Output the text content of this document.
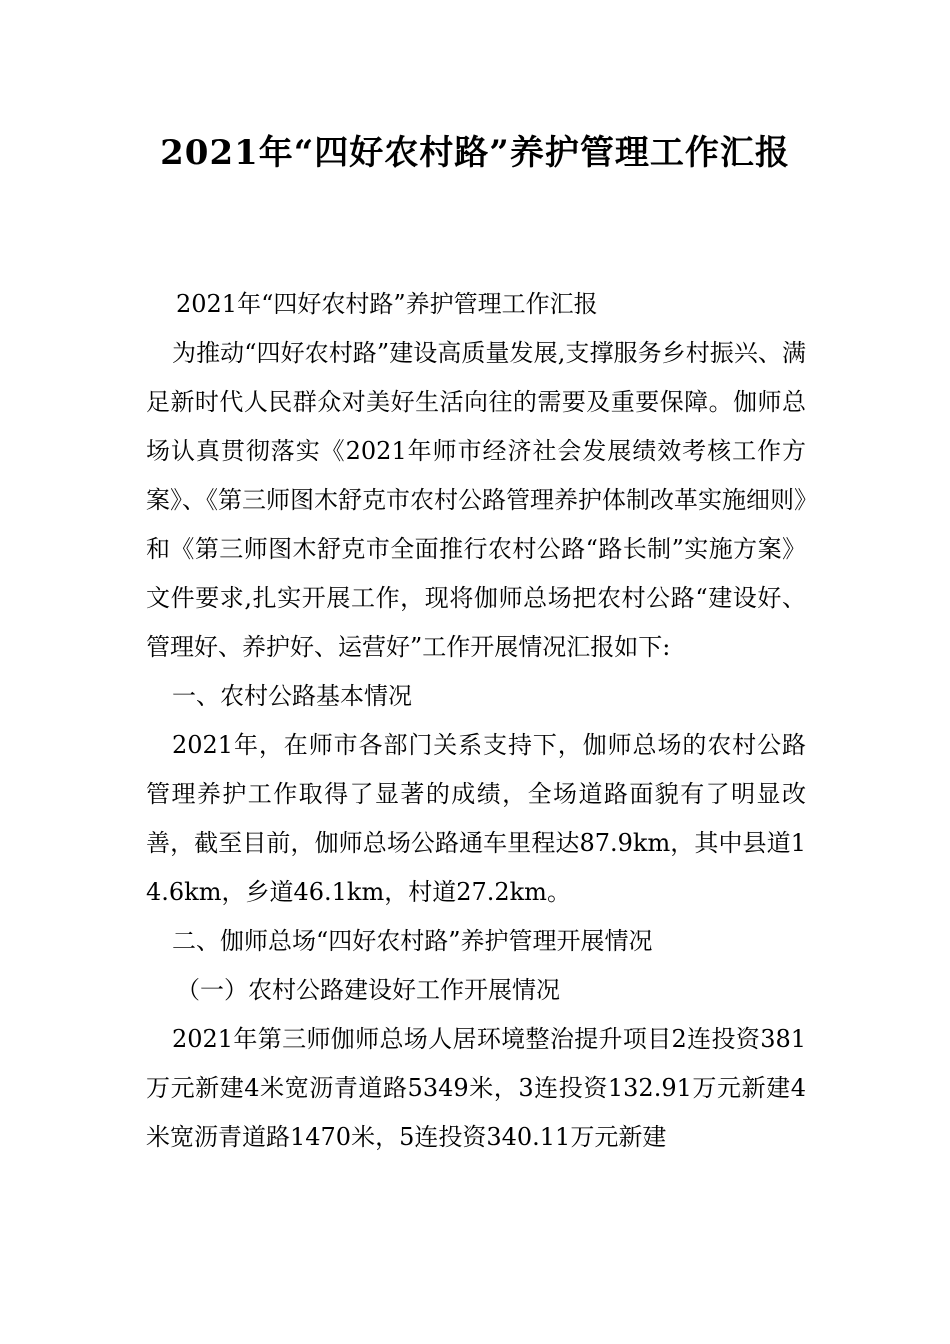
2021年“四好农村路”养护管理工作汇报

2021年“四好农村路”养护管理工作汇报

为推动“四好农村路”建设高质量发展,支撑服务乡村振兴、满足新时代人民群众对美好生活向往的需要及重要保障。伽师总场认真贯彻落实《2021年师市经济社会发展绩效考核工作方案》、《第三师图木舒克市农村公路管理养护体制改革实施细则》和《第三师图木舒克市全面推行农村公路“路长制”实施方案》文件要求,扎实开展工作，现将伽师总场把农村公路“建设好、管理好、养护好、运营好”工作开展情况汇报如下:

一、农村公路基本情况

2021年，在师市各部门关系支持下，伽师总场的农村公路管理养护工作取得了显著的成绩，全场道路面貌有了明显改善，截至目前，伽师总场公路通车里程达87.9km，其中县道14.6km，乡道46.1km，村道27.2km。

二、伽师总场“四好农村路”养护管理开展情况

（一）农村公路建设好工作开展情况

2021年第三师伽师总场人居环境整治提升项目2连投资381万元新建4米宽沥青道路5349米，3连投资132.91万元新建4米宽沥青道路1470米，5连投资340.11万元新建
